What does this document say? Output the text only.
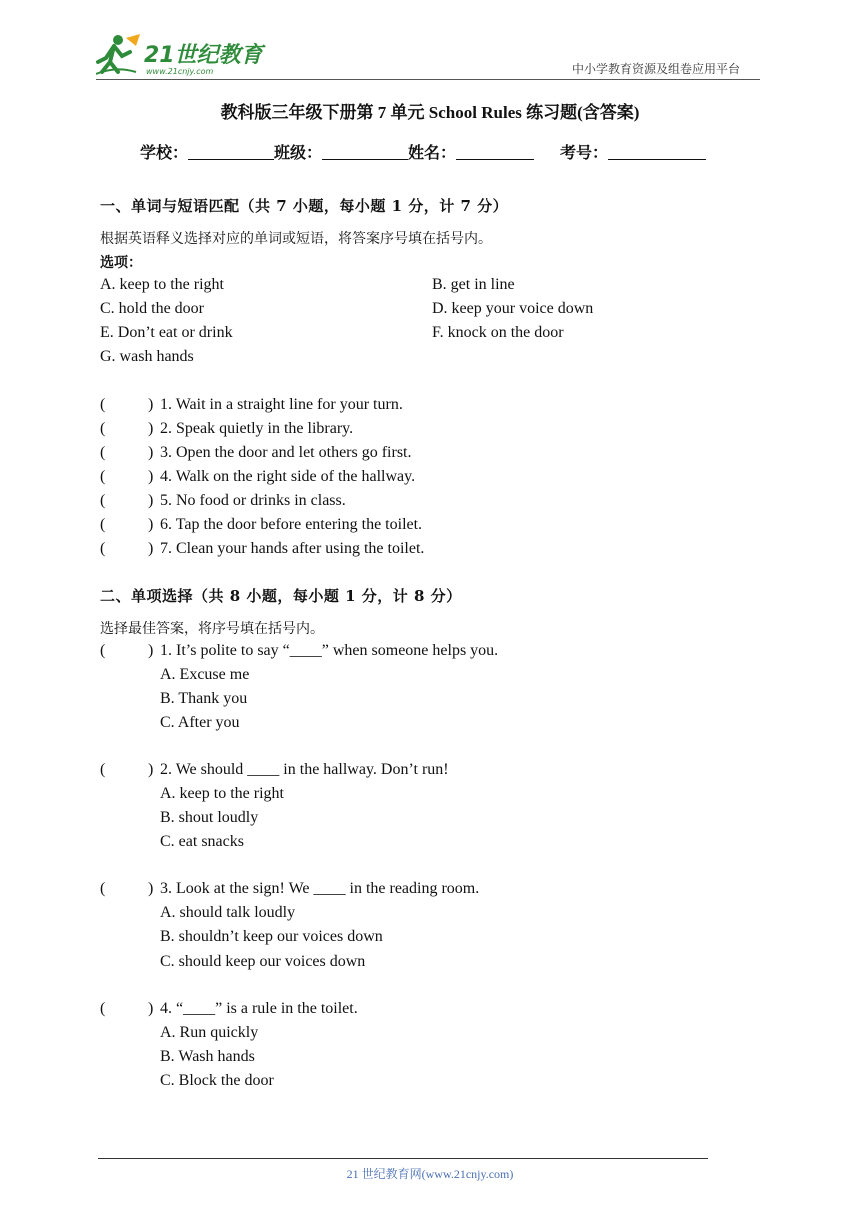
21世纪教育
www.21cnjy.com	中小学教育资源及组卷应用平台
教科版三年级下册第 7 单元 School Rules 练习题(含答案)
学校：	班级：	姓名：	考号：
一、单词与短语匹配（共 7 小题，每小题 1 分，计 7 分）
根据英语释义选择对应的单词或短语，将答案序号填在括号内。
选项：
A. keep to the right	B. get in line
C. hold the door	D. keep your voice down
E. Don’t eat or drink	F. knock on the door
G. wash hands
(	) 1. Wait in a straight line for your turn.
(	) 2. Speak quietly in the library.
(	) 3. Open the door and let others go first.
(	) 4. Walk on the right side of the hallway.
(	) 5. No food or drinks in class.
(	) 6. Tap the door before entering the toilet.
(	) 7. Clean your hands after using the toilet.
二、单项选择（共 8 小题，每小题 1 分，计 8 分）
选择最佳答案，将序号填在括号内。
(	) 1. It’s polite to say “____” when someone helps you.
A. Excuse me
B. Thank you
C. After you
(	) 2. We should ____ in the hallway. Don’t run!
A. keep to the right
B. shout loudly
C. eat snacks
(	) 3. Look at the sign! We ____ in the reading room.
A. should talk loudly
B. shouldn’t keep our voices down
C. should keep our voices down
(	) 4. “____” is a rule in the toilet.
A. Run quickly
B. Wash hands
C. Block the door
21 世纪教育网(www.21cnjy.com)
